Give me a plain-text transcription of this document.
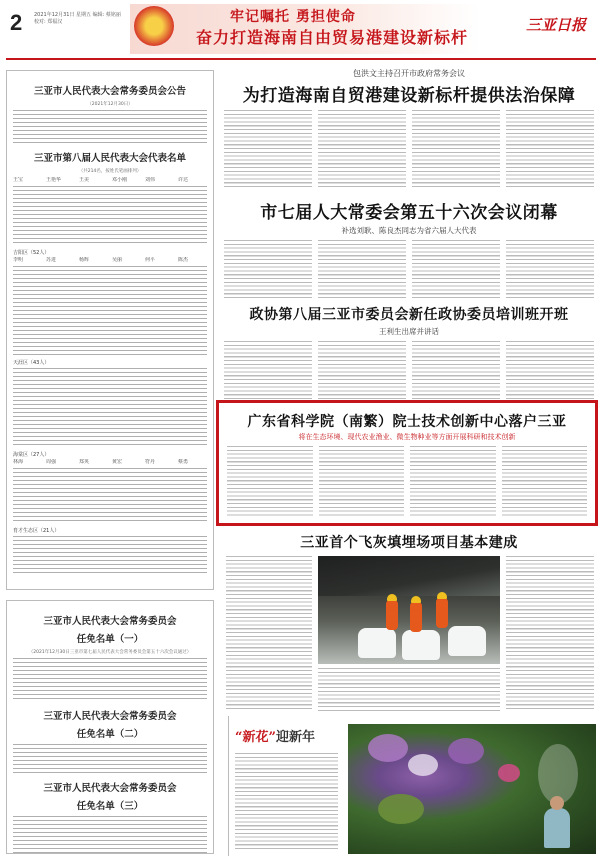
2 2021年12月31日 星期五 编辑: 蔡铭丽 校对: 郑福汉	牢记嘱托 勇担使命
奋力打造海南自由贸易港建设新标杆
三亚日报
三亚市人民代表大会常务委员会公告
（2021年12月30日）
三亚市第八届人民代表大会代表名单
（共214名，按姓氏笔画排列）
王宝	王艳华	王美	邓小刚	刘伟	许达
吉阳区（52人）
李明	苏进	杨辉	吴丽	何平	陈杰
天涯区（43人）
海棠区（27人）
林海	周强	郑英	黄宏	符丹	蔡勇
育才生态区（21人）
三亚市人民代表大会常务委员会
任免名单（一）
（2021年12月30日三亚市第七届人民代表大会常务委员会第五十六次会议通过）
三亚市人民代表大会常务委员会
任免名单（二）
三亚市人民代表大会常务委员会
任免名单（三）
包洪文主持召开市政府常务会议
为打造海南自贸港建设新标杆提供法治保障
市七届人大常委会第五十六次会议闭幕
补选刘耿、陈良杰同志为省六届人大代表
政协第八届三亚市委员会新任政协委员培训班开班
王利生出席并讲话
广东省科学院（南繁）院士技术创新中心落户三亚
将在生态环境、现代农业渔业、微生物种业等方面开展科研和技术创新
三亚首个飞灰填埋场项目基本建成
“新花”迎新年
